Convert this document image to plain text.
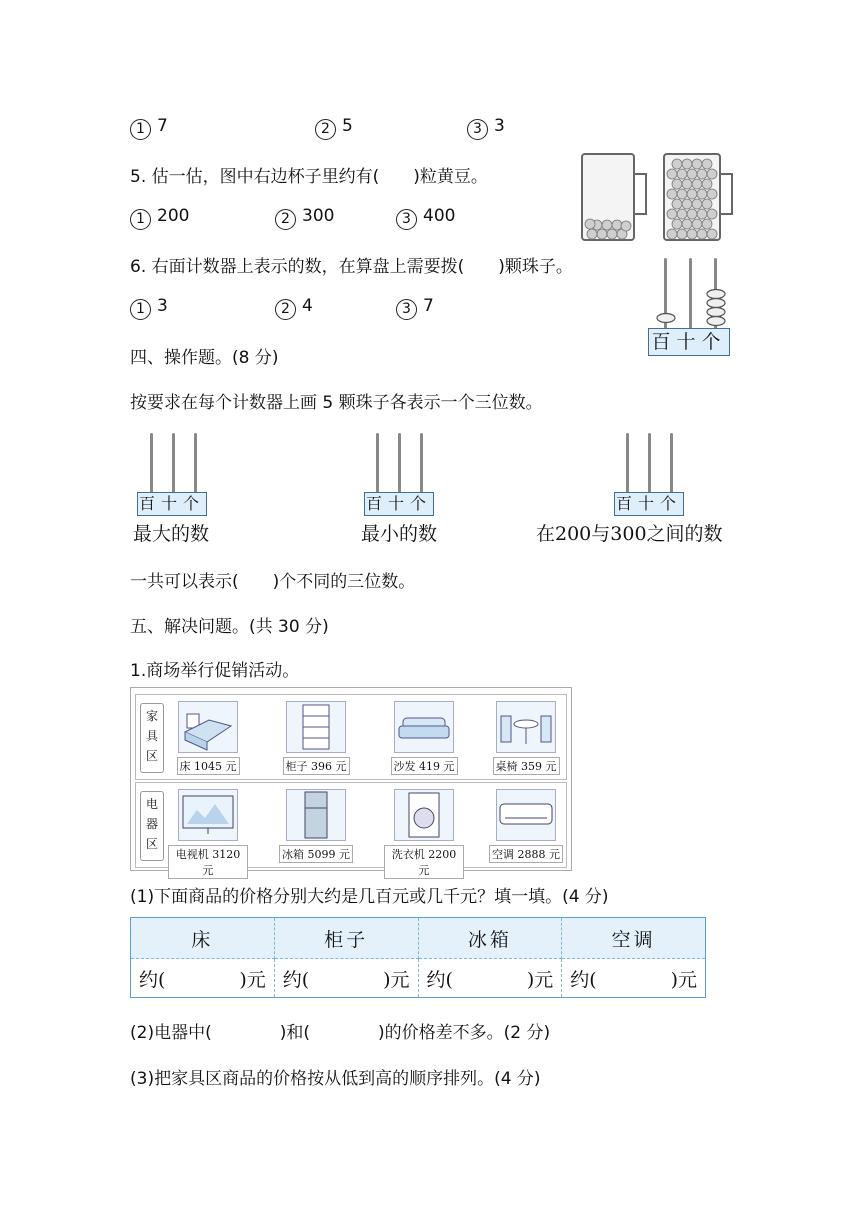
1 7	2 5	3 3
5. 估一估，图中右边杯子里约有(　　)粒黄豆。
1 200	2 300	3 400
6. 右面计数器上表示的数，在算盘上需要拨(　　)颗珠子。
1 3	2 4	3 7
百十个
四、操作题。(8 分)
按要求在每个计数器上画 5 颗珠子各表示一个三位数。
百十个
最大的数
百十个
最小的数
百十个
在200与300之间的数
一共可以表示(　　)个不同的三位数。
五、解决问题。(共 30 分)
1.商场举行促销活动。
家
具
区
床 1045 元	柜子 396 元	沙发 419 元	桌椅 359 元
电
器
区
电视机 3120 元
冰箱 5099 元	洗衣机 2200 元
空调 2888 元
(1)下面商品的价格分别大约是几百元或几千元？填一填。(4 分)
床	柜子	冰箱	空调

约( )元	约( )元	约( )元	约( )元
(2)电器中(　　　　)和(　　　　)的价格差不多。(2 分)
(3)把家具区商品的价格按从低到高的顺序排列。(4 分)
